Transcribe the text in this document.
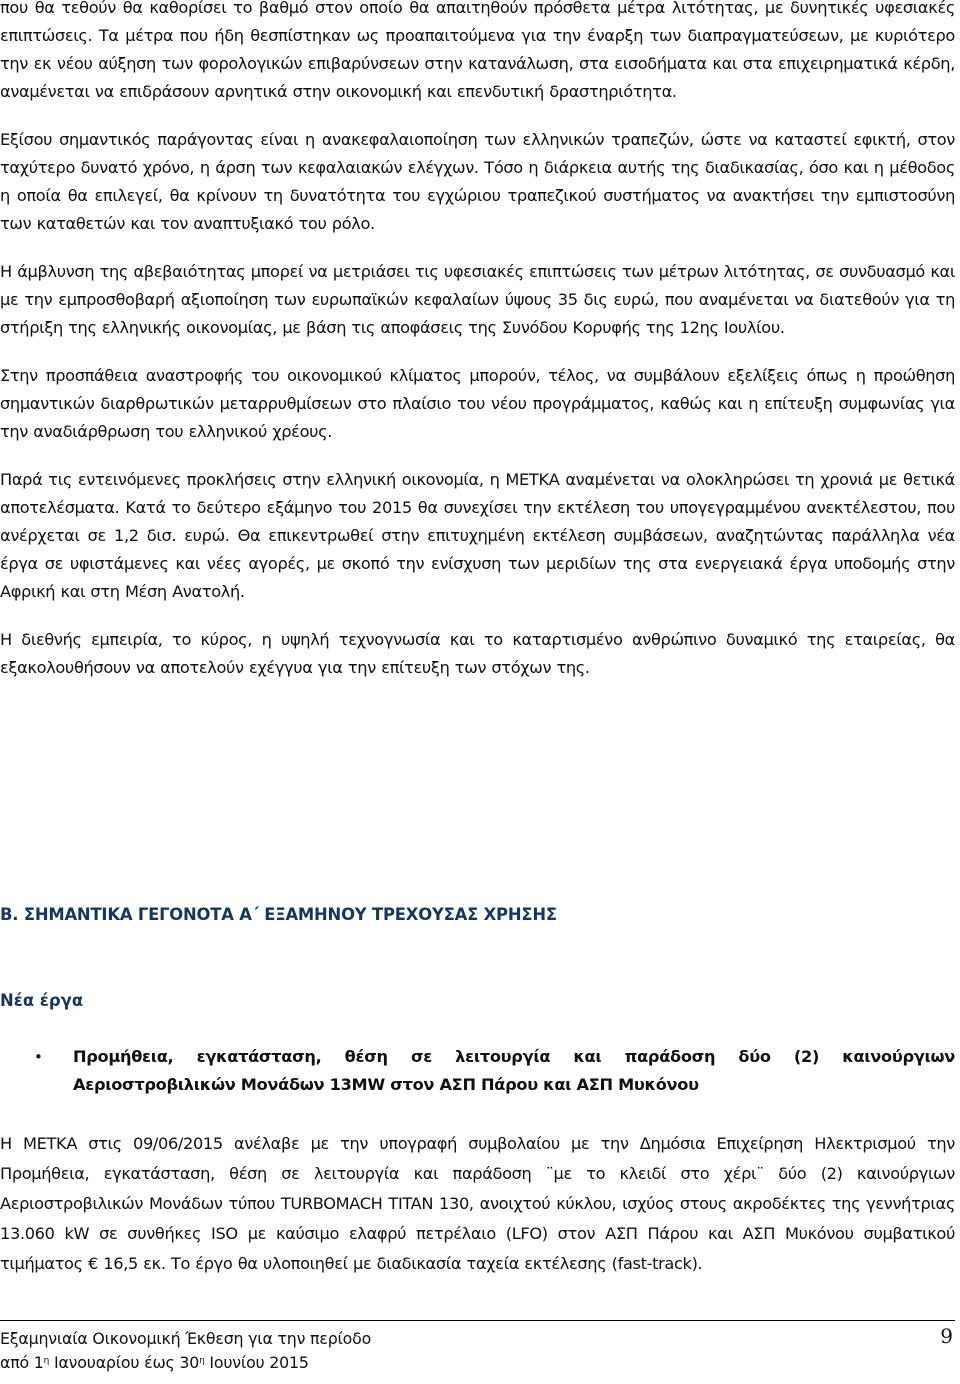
που θα τεθούν θα καθορίσει το βαθμό στον οποίο θα απαιτηθούν πρόσθετα μέτρα λιτότητας, με δυνητικές υφεσιακές επιπτώσεις. Τα μέτρα που ήδη θεσπίστηκαν ως προαπαιτούμενα για την έναρξη των διαπραγματεύσεων, με κυριότερο την εκ νέου αύξηση των φορολογικών επιβαρύνσεων στην κατανάλωση, στα εισοδήματα και στα επιχειρηματικά κέρδη, αναμένεται να επιδράσουν αρνητικά στην οικονομική και επενδυτική δραστηριότητα.

Εξίσου σημαντικός παράγοντας είναι η ανακεφαλαιοποίηση των ελληνικών τραπεζών, ώστε να καταστεί εφικτή, στον ταχύτερο δυνατό χρόνο, η άρση των κεφαλαιακών ελέγχων. Τόσο η διάρκεια αυτής της διαδικασίας, όσο και η μέθοδος η οποία θα επιλεγεί, θα κρίνουν τη δυνατότητα του εγχώριου τραπεζικού συστήματος να ανακτήσει την εμπιστοσύνη των καταθετών και τον αναπτυξιακό του ρόλο.

Η άμβλυνση της αβεβαιότητας μπορεί να μετριάσει τις υφεσιακές επιπτώσεις των μέτρων λιτότητας, σε συνδυασμό και με την εμπροσθοβαρή αξιοποίηση των ευρωπαϊκών κεφαλαίων ύψους 35 δις ευρώ, που αναμένεται να διατεθούν για τη στήριξη της ελληνικής οικονομίας, με βάση τις αποφάσεις της Συνόδου Κορυφής της 12ης Ιουλίου.

Στην προσπάθεια αναστροφής του οικονομικού κλίματος μπορούν, τέλος, να συμβάλουν εξελίξεις όπως η προώθηση σημαντικών διαρθρωτικών μεταρρυθμίσεων στο πλαίσιο του νέου προγράμματος, καθώς και η επίτευξη συμφωνίας για την αναδιάρθρωση του ελληνικού χρέους.

Παρά τις εντεινόμενες προκλήσεις στην ελληνική οικονομία, η ΜΕΤΚΑ αναμένεται να ολοκληρώσει τη χρονιά με θετικά αποτελέσματα. Κατά το δεύτερο εξάμηνο του 2015 θα συνεχίσει την εκτέλεση του υπογεγραμμένου ανεκτέλεστου, που ανέρχεται σε 1,2 δισ. ευρώ. Θα επικεντρωθεί στην επιτυχημένη εκτέλεση συμβάσεων, αναζητώντας παράλληλα νέα έργα σε υφιστάμενες και νέες αγορές, με σκοπό την ενίσχυση των μεριδίων της στα ενεργειακά έργα υποδομής στην Αφρική και στη Μέση Ανατολή.

Η διεθνής εμπειρία, το κύρος, η υψηλή τεχνογνωσία και το καταρτισμένο ανθρώπινο δυναμικό της εταιρείας, θα εξακολουθήσουν να αποτελούν εχέγγυα για την επίτευξη των στόχων της.

Β. ΣΗΜΑΝΤΙΚΑ ΓΕΓΟΝΟΤΑ Α΄ ΕΞΑΜΗΝΟΥ ΤΡΕΧΟΥΣΑΣ ΧΡΗΣΗΣ
Νέα έργα
• Προμήθεια, εγκατάσταση, θέση σε λειτουργία και παράδοση δύο (2) καινούργιων Αεριοστροβιλικών Μονάδων 13MW στον ΑΣΠ Πάρου και ΑΣΠ Μυκόνου

Η ΜΕΤΚΑ στις 09/06/2015 ανέλαβε με την υπογραφή συμβολαίου με την Δημόσια Επιχείρηση Ηλεκτρισμού την Προμήθεια, εγκατάσταση, θέση σε λειτουργία και παράδοση ¨με το κλειδί στο χέρι¨ δύο (2) καινούργιων Αεριοστροβιλικών Μονάδων τύπου TURBOMACH TITAN 130, ανοιχτού κύκλου, ισχύος στους ακροδέκτες της γεννήτριας 13.060 kW σε συνθήκες ISO με καύσιμο ελαφρύ πετρέλαιο (LFO) στον ΑΣΠ Πάρου και ΑΣΠ Μυκόνου συμβατικού τιμήματος € 16,5 εκ. Το έργο θα υλοποιηθεί με διαδικασία ταχεία εκτέλεσης (fast-track).

Εξαμηνιαία Οικονομική Έκθεση για την περίοδο
από $1^\eta$ Ιανουαρίου έως $30^\eta$ Ιουνίου 2015
9
